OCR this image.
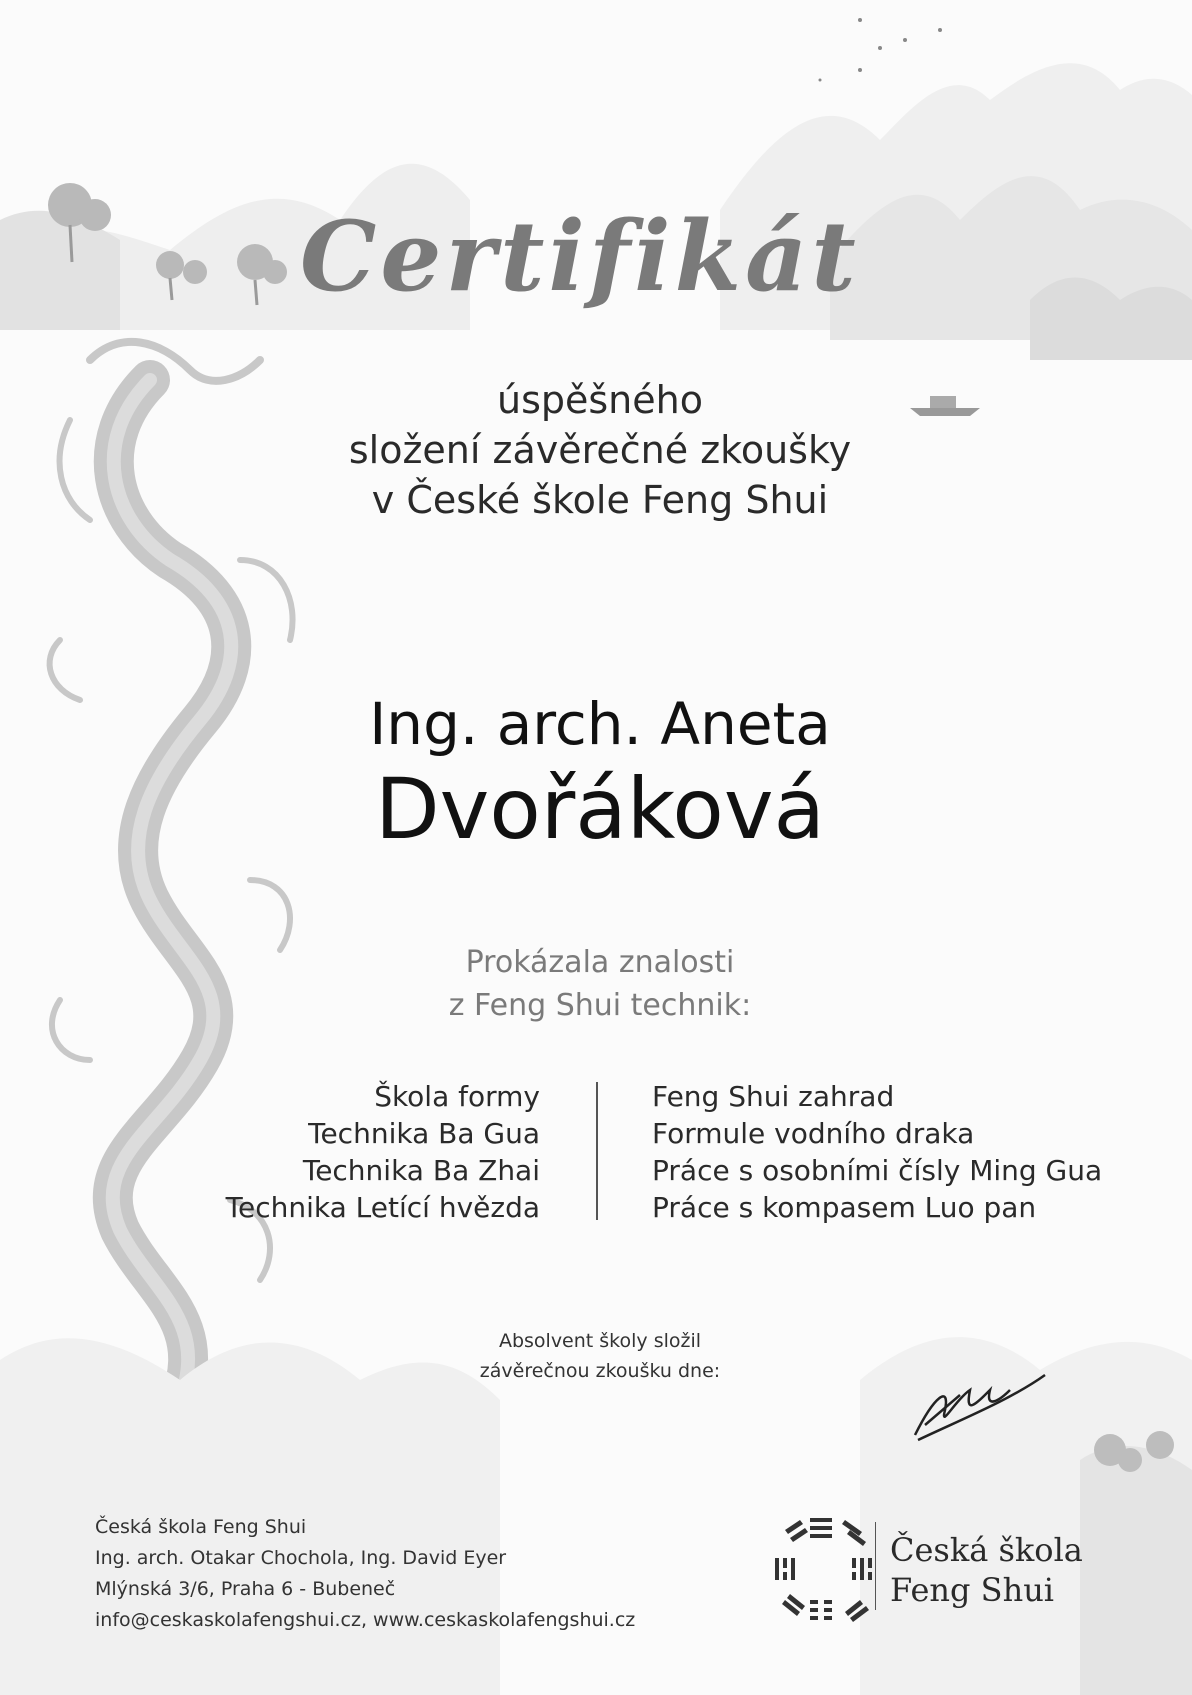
Certifikát
úspěšného
složení závěrečné zkoušky
v České škole Feng Shui
Ing. arch. Aneta
Dvořáková
Prokázala znalosti
z Feng Shui technik:
Škola formy
Technika Ba Gua
Technika Ba Zhai
Technika Letící hvězda
Feng Shui zahrad
Formule vodního draka
Práce s osobními čísly Ming Gua
Práce s kompasem Luo pan
Absolvent školy složil
závěrečnou zkoušku dne:
Česká škola Feng Shui
Ing. arch. Otakar Chochola, Ing. David Eyer
Mlýnská 3/6, Praha 6 - Bubeneč
info@ceskaskolafengshui.cz, www.ceskaskolafengshui.cz
Česká škola
Feng Shui
